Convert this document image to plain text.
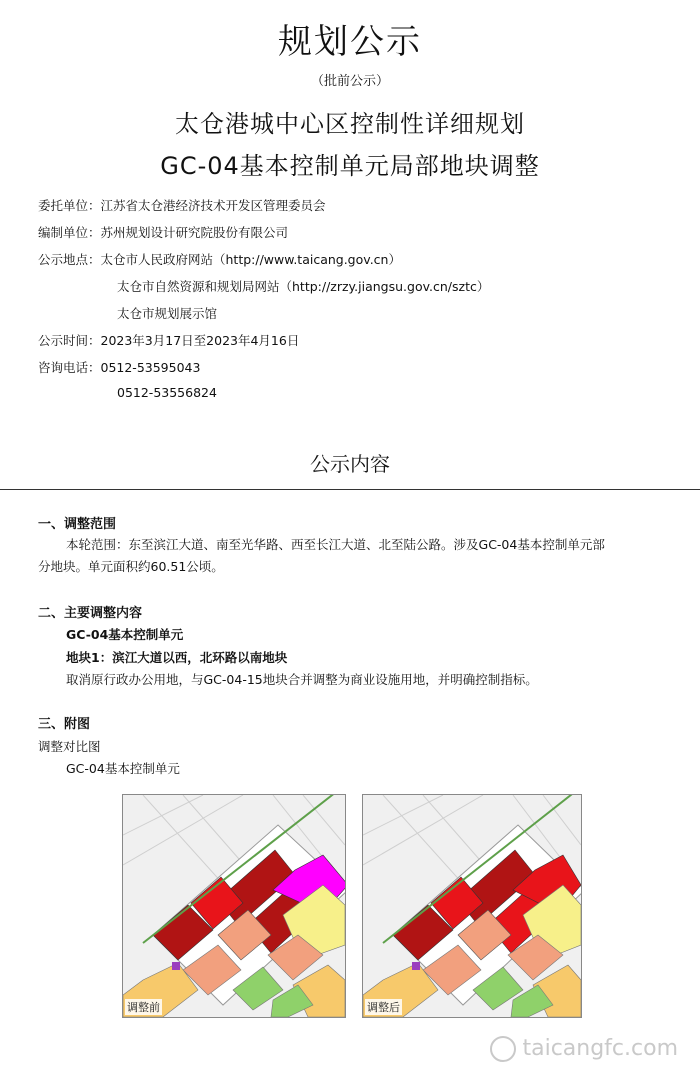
规划公示
（批前公示）
太仓港城中心区控制性详细规划
GC-04基本控制单元局部地块调整
委托单位：江苏省太仓港经济技术开发区管理委员会
编制单位：苏州规划设计研究院股份有限公司
公示地点：太仓市人民政府网站（http://www.taicang.gov.cn）
太仓市自然资源和规划局网站（http://zrzy.jiangsu.gov.cn/sztc）
太仓市规划展示馆
公示时间：2023年3月17日至2023年4月16日
咨询电话：0512-53595043
0512-53556824
公示内容
一、调整范围
本轮范围：东至滨江大道、南至光华路、西至长江大道、北至陆公路。涉及GC-04基本控制单元部
分地块。单元面积约60.51公顷。
二、主要调整内容
GC-04基本控制单元
地块1：滨江大道以西，北环路以南地块
取消原行政办公用地，与GC-04-15地块合并调整为商业设施用地，并明确控制指标。
三、附图
调整对比图
GC-04基本控制单元
调整前	调整后
taicangfc.com
